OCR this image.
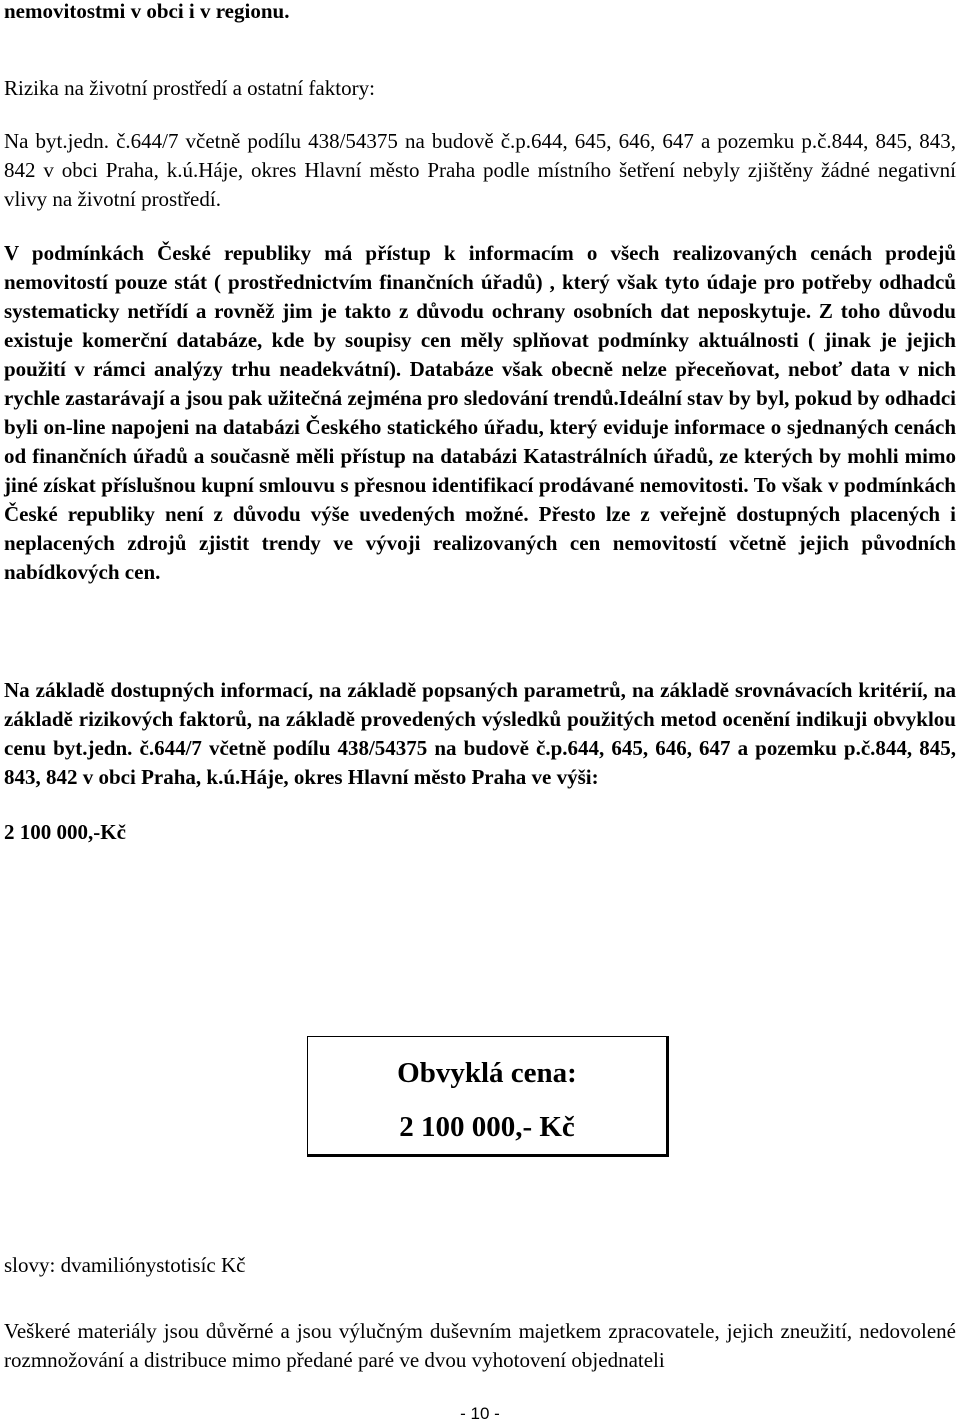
nemovitostmi v obci i v regionu.
Rizika na životní prostředí a ostatní faktory:
Na byt.jedn. č.644/7 včetně podílu 438/54375 na budově č.p.644, 645, 646, 647 a pozemku p.č.844, 845, 843, 842 v obci Praha, k.ú.Háje, okres Hlavní město Praha podle místního šetření nebyly zjištěny žádné negativní vlivy na životní prostředí.
V podmínkách České republiky má přístup k informacím o všech realizovaných cenách prodejů nemovitostí pouze stát ( prostřednictvím finančních úřadů) , který však tyto údaje pro potřeby odhadců systematicky netřídí a rovněž jim je takto z důvodu ochrany osobních dat neposkytuje. Z toho důvodu existuje komerční databáze, kde by soupisy cen měly splňovat podmínky aktuálnosti ( jinak je jejich použití v rámci analýzy trhu neadekvátní). Databáze však obecně nelze přeceňovat, neboť data v nich rychle zastarávají a jsou pak užitečná zejména pro sledování trendů.Ideální stav by byl, pokud by odhadci byli on-line napojeni na databázi Českého statického úřadu, který eviduje informace o sjednaných cenách od finančních úřadů a současně měli přístup na databázi Katastrálních úřadů, ze kterých by mohli mimo jiné získat příslušnou kupní smlouvu s přesnou identifikací prodávané nemovitosti. To však v podmínkách České republiky není z důvodu výše uvedených možné. Přesto lze z veřejně dostupných placených i neplacených zdrojů zjistit trendy ve vývoji realizovaných cen nemovitostí včetně jejich původních nabídkových cen.
Na základě dostupných informací, na základě popsaných parametrů, na základě srovnávacích kritérií, na základě rizikových faktorů, na základě provedených výsledků použitých metod ocenění indikuji obvyklou cenu byt.jedn. č.644/7 včetně podílu 438/54375 na budově č.p.644, 645, 646, 647 a pozemku p.č.844, 845, 843, 842 v obci Praha, k.ú.Háje, okres Hlavní město Praha ve výši:
2 100 000,-Kč
Obvyklá cena:
2 100 000,- Kč
slovy: dvamiliónystotisíc Kč
Veškeré materiály jsou důvěrné a jsou výlučným duševním majetkem zpracovatele, jejich zneužití, nedovolené rozmnožování a distribuce mimo předané paré ve dvou vyhotovení objednateli
- 10 -
